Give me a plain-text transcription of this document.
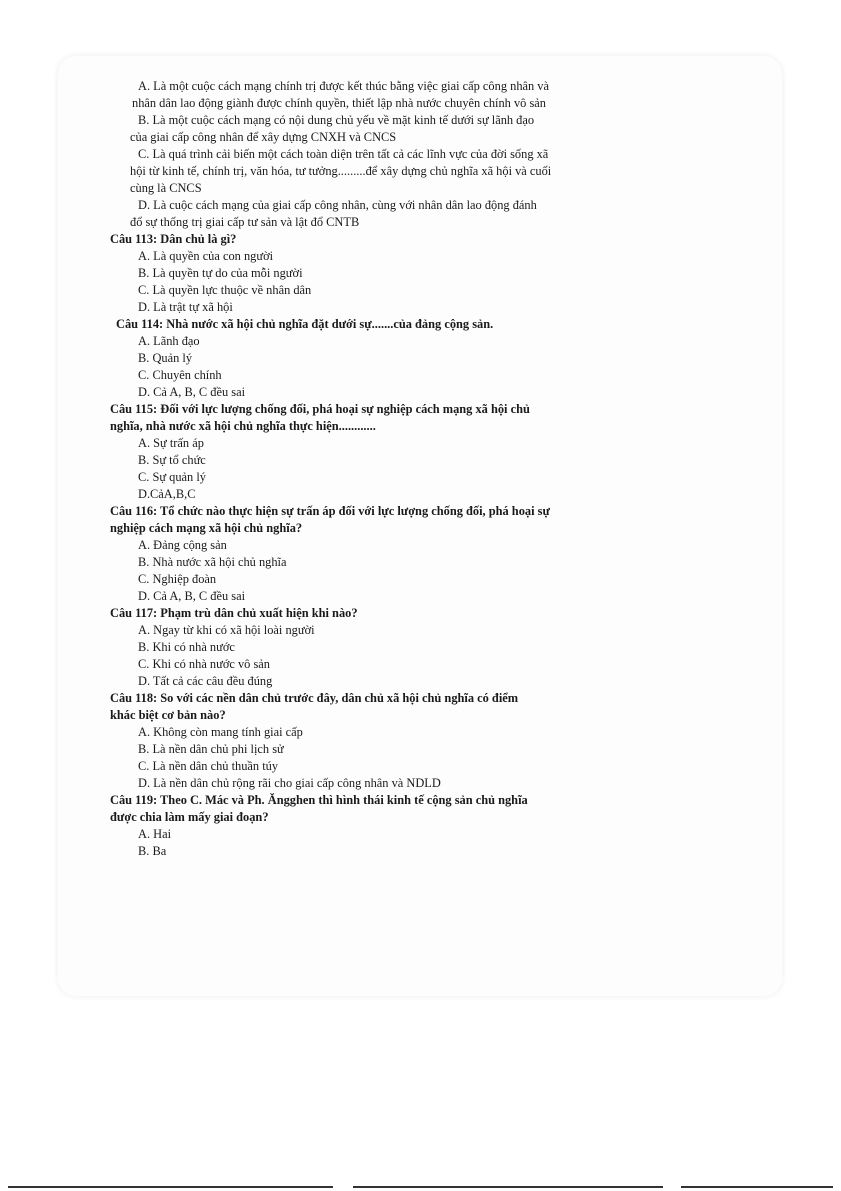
A. Là một cuộc cách mạng chính trị được kết thúc bằng việc giai cấp công nhân và
nhân dân lao động giành được chính quyền, thiết lập nhà nước chuyên chính vô sản
B. Là một cuộc cách mạng có nội dung chủ yếu về mặt kinh tế dưới sự lãnh đạo
của giai cấp công nhân để xây dựng CNXH và CNCS
C. Là quá trình cải biến một cách toàn diện trên tất cả các lĩnh vực của đời sống xã
hội từ kinh tế, chính trị, văn hóa, tư tưởng.........để xây dựng chủ nghĩa xã hội và cuối
cùng là CNCS
D. Là cuộc cách mạng của giai cấp công nhân, cùng với nhân dân lao động đánh
đổ sự thống trị giai cấp tư sản và lật đổ CNTB
Câu 113: Dân chủ là gì?
A. Là quyền của con người
B. Là quyền tự do của mỗi người
C. Là quyền lực thuộc về nhân dân
D. Là trật tự xã hội
Câu 114: Nhà nước xã hội chủ nghĩa đặt dưới sự.......của đảng cộng sản.
A. Lãnh đạo
B. Quản lý
C. Chuyên chính
D. Cả A, B, C đều sai
Câu 115: Đối với lực lượng chống đối, phá hoại sự nghiệp cách mạng xã hội chủ
nghĩa, nhà nước xã hội chủ nghĩa thực hiện............
A. Sự trấn áp
B. Sự tổ chức
C. Sự quản lý
D.CảA,B,C
Câu 116: Tổ chức nào thực hiện sự trấn áp đối với lực lượng chống đối, phá hoại sự
nghiệp cách mạng xã hội chủ nghĩa?
A. Đảng cộng sản
B. Nhà nước xã hội chủ nghĩa
C. Nghiệp đoàn
D. Cả A, B, C đều sai
Câu 117: Phạm trù dân chủ xuất hiện khi nào?
A. Ngay từ khi có xã hội loài người
B. Khi có nhà nước
C. Khi có nhà nước vô sản
D. Tất cả các câu đều đúng
Câu 118: So với các nền dân chủ trước đây, dân chủ xã hội chủ nghĩa có điểm
khác biệt cơ bản nào?
A. Không còn mang tính giai cấp
B. Là nền dân chủ phi lịch sử
C. Là nền dân chủ thuần túy
D. Là nền dân chủ rộng rãi cho giai cấp công nhân và NDLD
Câu 119: Theo C. Mác và Ph. Ăngghen thì hình thái kinh tế cộng sản chủ nghĩa
được chia làm mấy giai đoạn?
A. Hai
B. Ba
